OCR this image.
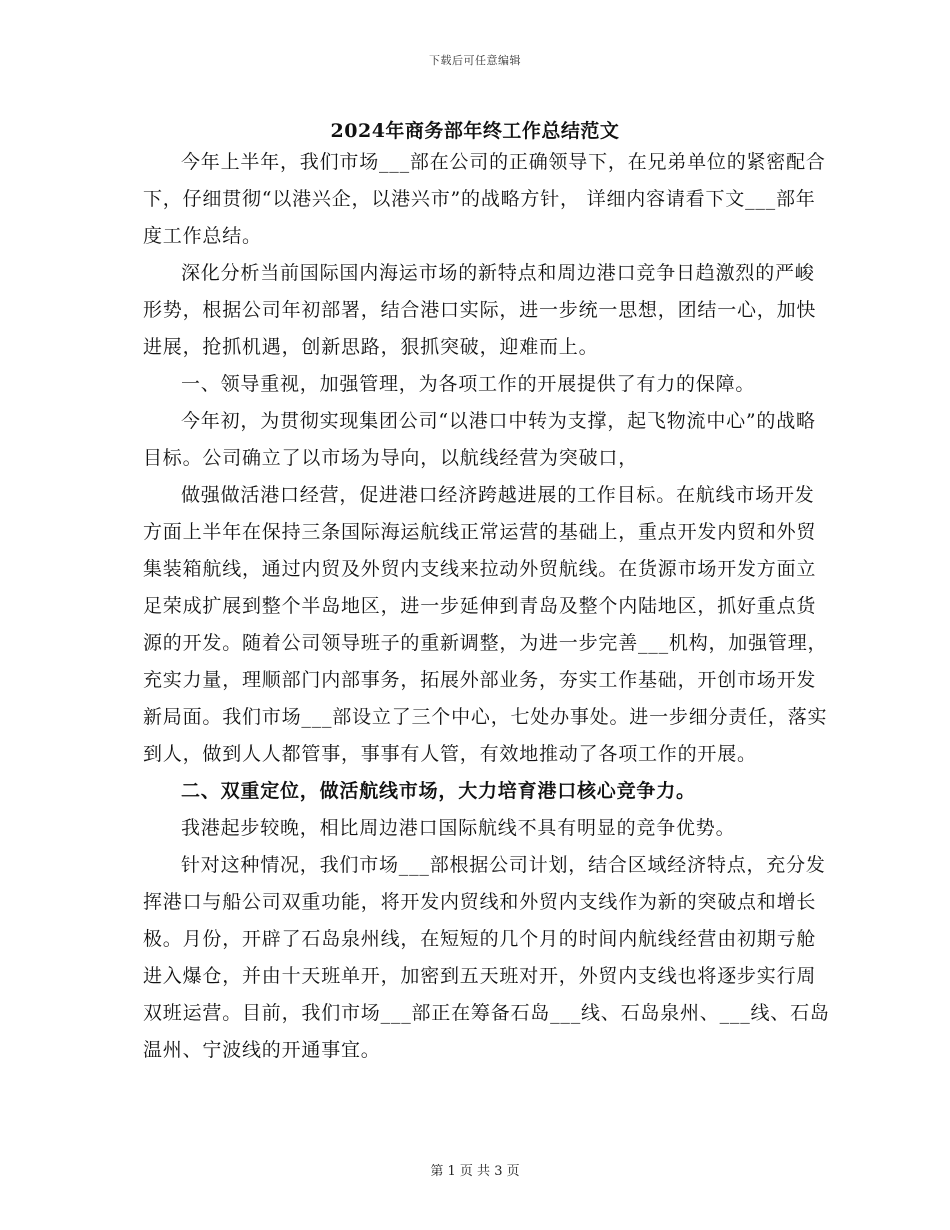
下载后可任意编辑
2024年商务部年终工作总结范文

今年上半年，我们市场___部在公司的正确领导下，在兄弟单位的紧密配合下，仔细贯彻“以港兴企，以港兴市”的战略方针， 详细内容请看下文___部年度工作总结。

深化分析当前国际国内海运市场的新特点和周边港口竞争日趋激烈的严峻形势，根据公司年初部署，结合港口实际，进一步统一思想，团结一心，加快进展，抢抓机遇，创新思路，狠抓突破，迎难而上。

一、领导重视，加强管理，为各项工作的开展提供了有力的保障。

今年初，为贯彻实现集团公司“以港口中转为支撑，起飞物流中心”的战略目标。公司确立了以市场为导向，以航线经营为突破口，

做强做活港口经营，促进港口经济跨越进展的工作目标。在航线市场开发方面上半年在保持三条国际海运航线正常运营的基础上，重点开发内贸和外贸集装箱航线，通过内贸及外贸内支线来拉动外贸航线。在货源市场开发方面立足荣成扩展到整个半岛地区，进一步延伸到青岛及整个内陆地区，抓好重点货源的开发。随着公司领导班子的重新调整，为进一步完善___机构，加强管理，充实力量，理顺部门内部事务，拓展外部业务，夯实工作基础，开创市场开发新局面。我们市场___部设立了三个中心，七处办事处。进一步细分责任，落实到人，做到人人都管事，事事有人管，有效地推动了各项工作的开展。

二、双重定位，做活航线市场，大力培育港口核心竞争力。

我港起步较晚，相比周边港口国际航线不具有明显的竞争优势。

针对这种情况，我们市场___部根据公司计划，结合区域经济特点，充分发挥港口与船公司双重功能，将开发内贸线和外贸内支线作为新的突破点和增长极。月份，开辟了石岛泉州线，在短短的几个月的时间内航线经营由初期亏舱进入爆仓，并由十天班单开，加密到五天班对开，外贸内支线也将逐步实行周双班运营。目前，我们市场___部正在筹备石岛___线、石岛泉州、___线、石岛温州、宁波线的开通事宜。

第 1 页 共 3 页
